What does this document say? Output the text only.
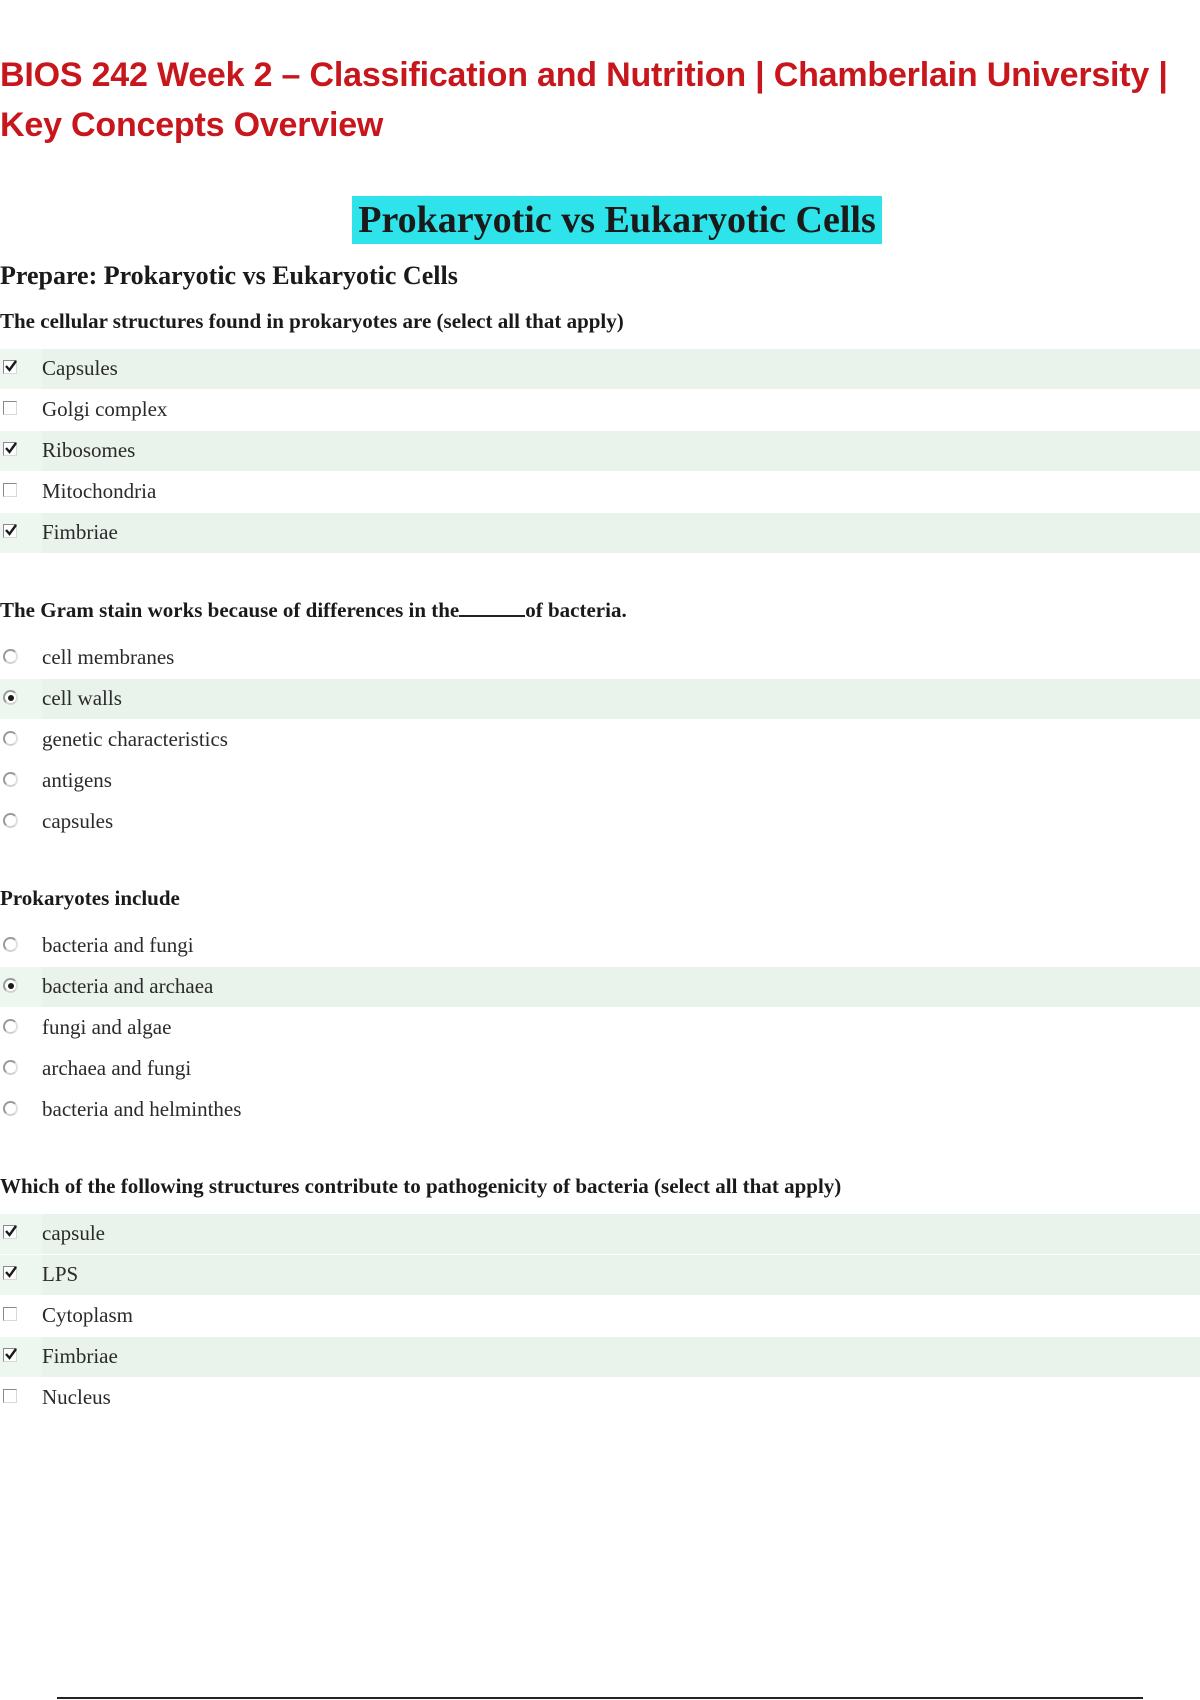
BIOS 242 Week 2 – Classification and Nutrition | Chamberlain University | Key Concepts Overview
Prokaryotic vs Eukaryotic Cells
Prepare: Prokaryotic vs Eukaryotic Cells
The cellular structures found in prokaryotes are (select all that apply)
Capsules
Golgi complex
Ribosomes
Mitochondria
Fimbriae
The Gram stain works because of differences in the	of bacteria.
cell membranes
cell walls
genetic characteristics
antigens
capsules
Prokaryotes include
bacteria and fungi
bacteria and archaea
fungi and algae
archaea and fungi
bacteria and helminthes
Which of the following structures contribute to pathogenicity of bacteria (select all that apply)
capsule
LPS
Cytoplasm
Fimbriae
Nucleus
